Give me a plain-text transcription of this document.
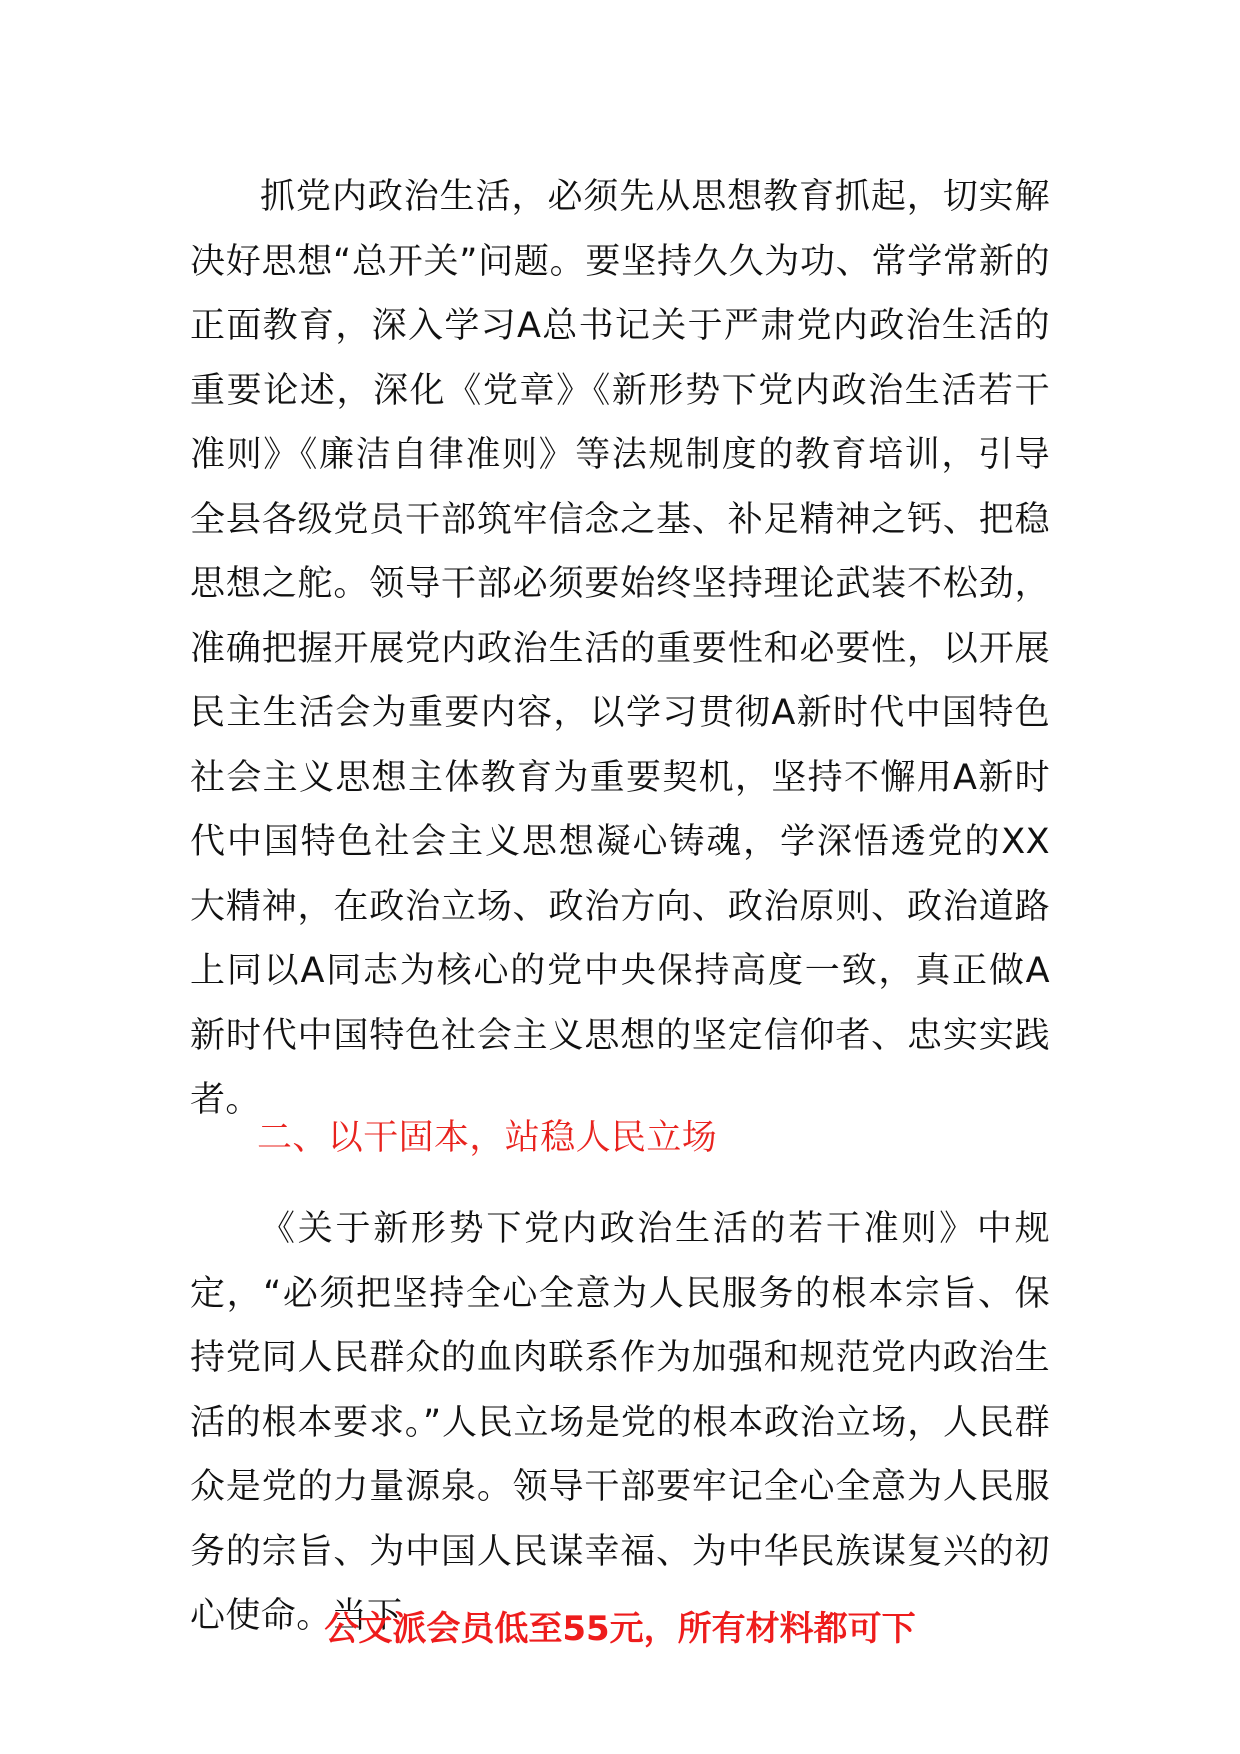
抓党内政治生活，必须先从思想教育抓起，切实解决好思想“总开关”问题。要坚持久久为功、常学常新的正面教育，深入学习A总书记关于严肃党内政治生活的重要论述，深化《党章》《新形势下党内政治生活若干准则》《廉洁自律准则》等法规制度的教育培训，引导全县各级党员干部筑牢信念之基、补足精神之钙、把稳思想之舵。领导干部必须要始终坚持理论武装不松劲，准确把握开展党内政治生活的重要性和必要性，以开展民主生活会为重要内容，以学习贯彻A新时代中国特色社会主义思想主体教育为重要契机，坚持不懈用A新时代中国特色社会主义思想凝心铸魂，学深悟透党的XX大精神，在政治立场、政治方向、政治原则、政治道路上同以A同志为核心的党中央保持高度一致，真正做A新时代中国特色社会主义思想的坚定信仰者、忠实实践者。

二、以干固本，站稳人民立场

《关于新形势下党内政治生活的若干准则》中规定，“必须把坚持全心全意为人民服务的根本宗旨、保持党同人民群众的血肉联系作为加强和规范党内政治生活的根本要求。”人民立场是党的根本政治立场，人民群众是党的力量源泉。领导干部要牢记全心全意为人民服务的宗旨、为中国人民谋幸福、为中华民族谋复兴的初心使命。当下

公文派会员低至55元，所有材料都可下
